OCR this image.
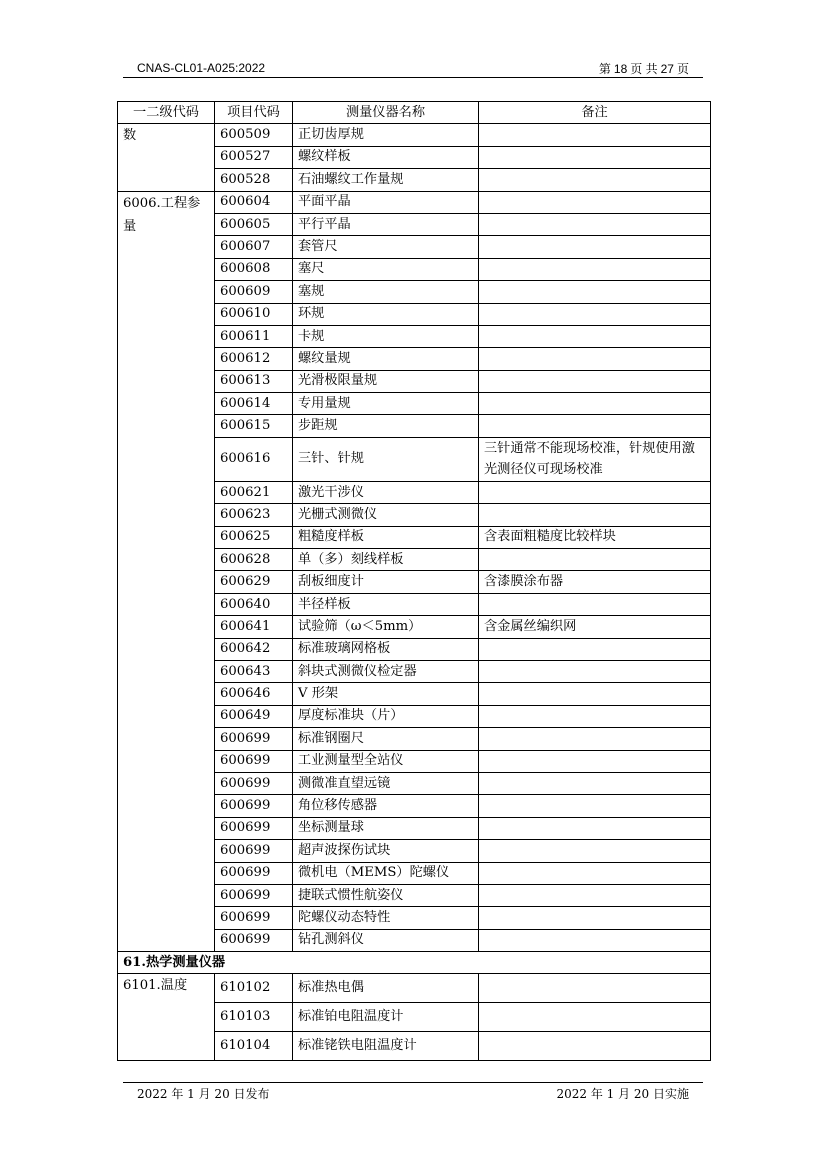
CNAS-CL01-A025:2022	第 18 页 共 27 页
一二级代码	项目代码	测量仪器名称	备注
数	600509	正切齿厚规	
	600527	螺纹样板	
	600528	石油螺纹工作量规	
6006.工程参量	600604	平面平晶	
	600605	平行平晶	
	600607	套管尺	
	600608	塞尺	
	600609	塞规	
	600610	环规	
	600611	卡规	
	600612	螺纹量规	
	600613	光滑极限量规	
	600614	专用量规	
	600615	步距规	
	600616	三针、针规	三针通常不能现场校准，针规使用激光测径仪可现场校准
	600621	激光干涉仪	
	600623	光栅式测微仪	
	600625	粗糙度样板	含表面粗糙度比较样块
	600628	单（多）刻线样板	
	600629	刮板细度计	含漆膜涂布器
	600640	半径样板	
	600641	试验筛（ω＜5mm）	含金属丝编织网
	600642	标准玻璃网格板	
	600643	斜块式测微仪检定器	
	600646	V 形架	
	600649	厚度标准块（片）	
	600699	标准钢圈尺	
	600699	工业测量型全站仪	
	600699	测微准直望远镜	
	600699	角位移传感器	
	600699	坐标测量球	
	600699	超声波探伤试块	
	600699	微机电（MEMS）陀螺仪	
	600699	捷联式惯性航姿仪	
	600699	陀螺仪动态特性	
	600699	钻孔测斜仪	
61.热学测量仪器			
6101.温度	610102	标准热电偶	
	610103	标准铂电阻温度计	
	610104	标准铑铁电阻温度计	
2022 年 1 月 20 日发布	2022 年 1 月 20 日实施
